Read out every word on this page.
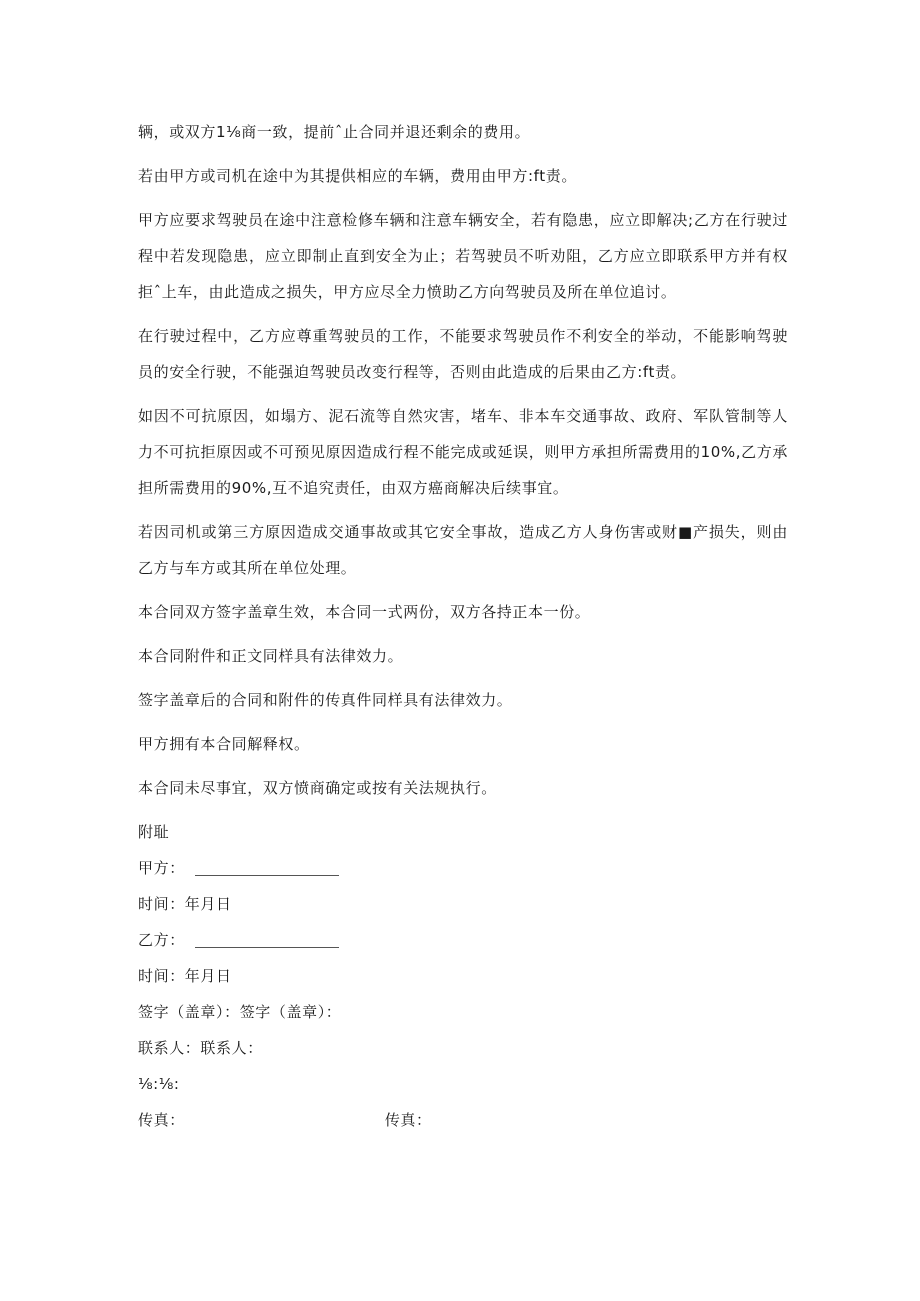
辆，或双方1⅛商一致，提前ˆ止合同并退还剩余的费用。

若由甲方或司机在途中为其提供相应的车辆，费用由甲方:ft责。

甲方应要求驾驶员在途中注意检修车辆和注意车辆安全，若有隐患，应立即解决;乙方在行驶过程中若发现隐患，应立即制止直到安全为止；若驾驶员不听劝阻，乙方应立即联系甲方并有权拒ˆ上车，由此造成之损失，甲方应尽全力愤助乙方向驾驶员及所在单位追讨。

在行驶过程中，乙方应尊重驾驶员的工作，不能要求驾驶员作不利安全的举动，不能影响驾驶员的安全行驶，不能强迫驾驶员改变行程等，否则由此造成的后果由乙方:ft责。

如因不可抗原因，如塌方、泥石流等自然灾害，堵车、非本车交通事故、政府、军队管制等人力不可抗拒原因或不可预见原因造成行程不能完成或延误，则甲方承担所需费用的10%,乙方承担所需费用的90%,互不追究责任，由双方癌商解决后续事宜。

若因司机或第三方原因造成交通事故或其它安全事故，造成乙方人身伤害或财■产损失，则由乙方与车方或其所在单位处理。

本合同双方签字盖章生效，本合同一式两份，双方各持正本一份。

本合同附件和正文同样具有法律效力。

签字盖章后的合同和附件的传真件同样具有法律效力。

甲方拥有本合同解释权。

本合同未尽事宜，双方愤商确定或按有关法规执行。

附耻

甲方：

时间：年月日

乙方：

时间：年月日

签字（盖章）：签字（盖章）：

联系人：联系人：

⅛:⅛:

传真：	传真：
